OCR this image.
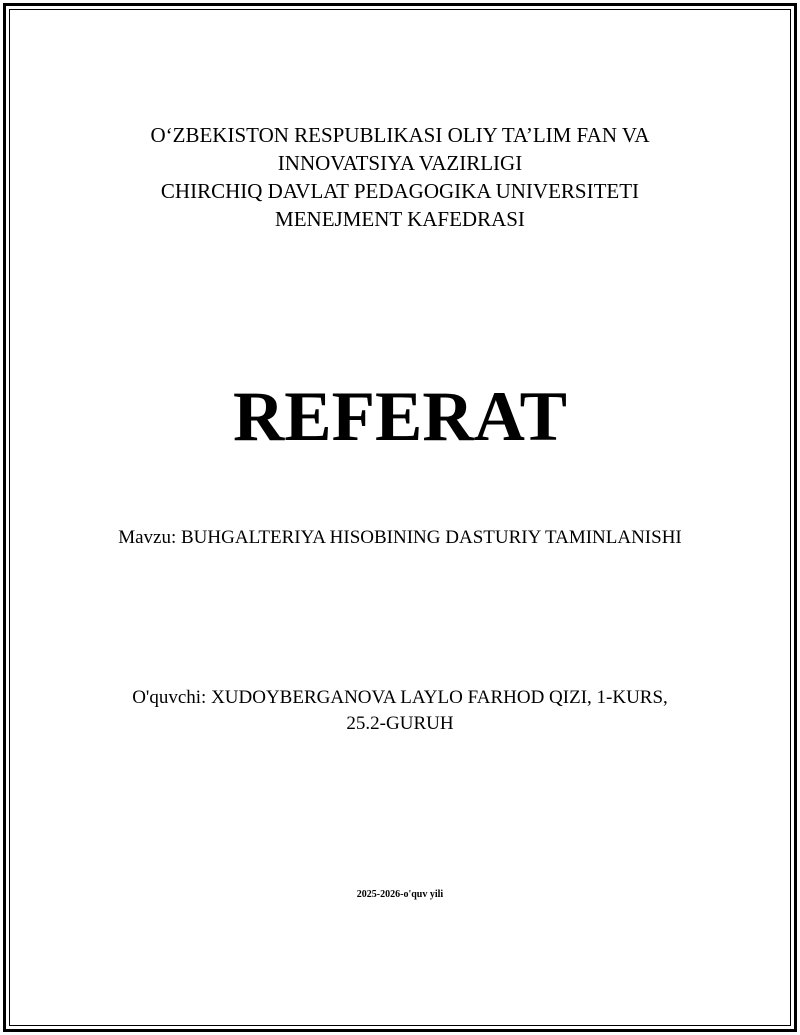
O‘ZBEKISTON RESPUBLIKASI OLIY TA’LIM FAN VA
INNOVATSIYA VAZIRLIGI
CHIRCHIQ DAVLAT PEDAGOGIKA UNIVERSITETI
MENEJMENT KAFEDRASI
REFERAT
Mavzu: BUHGALTERIYA HISOBINING DASTURIY TAMINLANISHI
O'quvchi: XUDOYBERGANOVA LAYLO FARHOD QIZI, 1-KURS,
25.2-GURUH
2025-2026-o'quv yili
